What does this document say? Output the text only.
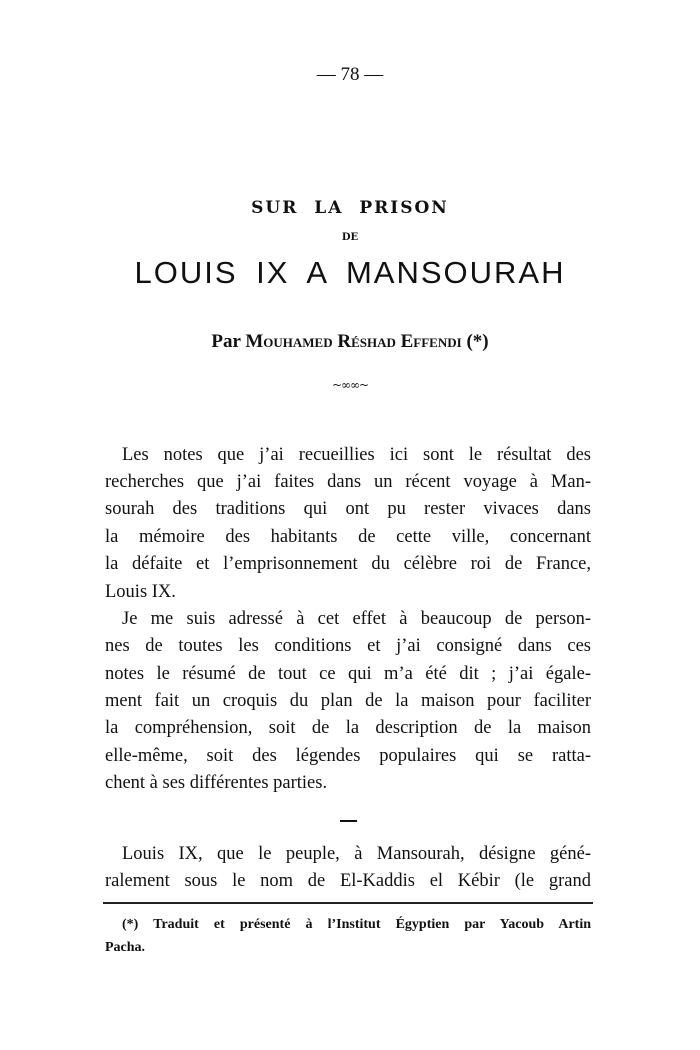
— 78 —
SUR LA PRISON
DE
LOUIS IX A MANSOURAH
Par Mouhamed Réshad Effendi (*)
~∞∞~
Les notes que j’ai recueillies ici sont le résultat des
recherches que j’ai faites dans un récent voyage à Man-
sourah des traditions qui ont pu rester vivaces dans
la mémoire des habitants de cette ville, concernant
la défaite et l’emprisonnement du célèbre roi de France,
Louis IX.
Je me suis adressé à cet effet à beaucoup de person-
nes de toutes les conditions et j’ai consigné dans ces
notes le résumé de tout ce qui m’a été dit ; j’ai égale-
ment fait un croquis du plan de la maison pour faciliter
la compréhension, soit de la description de la maison
elle-même, soit des légendes populaires qui se ratta-
chent à ses différentes parties.
Louis IX, que le peuple, à Mansourah, désigne géné-
ralement sous le nom de El-Kaddis el Kébir (le grand
(*) Traduit et présenté à l’Institut Égyptien par Yacoub Artin
Pacha.
